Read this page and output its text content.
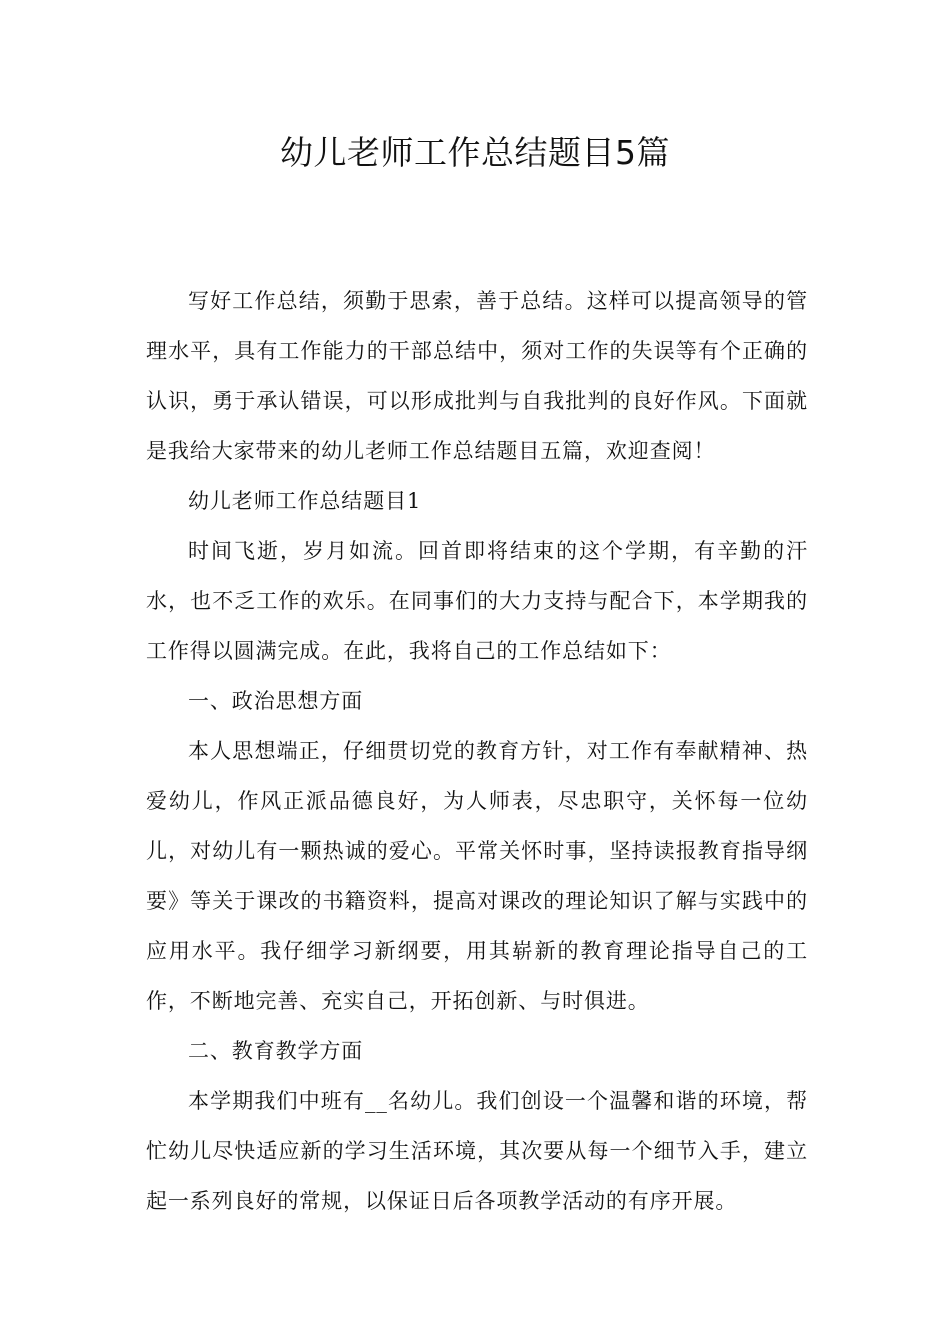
幼儿老师工作总结题目5篇

写好工作总结，须勤于思索，善于总结。这样可以提高领导的管理水平，具有工作能力的干部总结中，须对工作的失误等有个正确的认识，勇于承认错误，可以形成批判与自我批判的良好作风。下面就是我给大家带来的幼儿老师工作总结题目五篇，欢迎查阅！

幼儿老师工作总结题目1

时间飞逝，岁月如流。回首即将结束的这个学期，有辛勤的汗水，也不乏工作的欢乐。在同事们的大力支持与配合下，本学期我的工作得以圆满完成。在此，我将自己的工作总结如下：

一、政治思想方面

本人思想端正，仔细贯切党的教育方针，对工作有奉献精神、热爱幼儿，作风正派品德良好，为人师表，尽忠职守，关怀每一位幼儿，对幼儿有一颗热诚的爱心。平常关怀时事，坚持读报教育指导纲要》等关于课改的书籍资料，提高对课改的理论知识了解与实践中的应用水平。我仔细学习新纲要，用其崭新的教育理论指导自己的工作，不断地完善、充实自己，开拓创新、与时俱进。

二、教育教学方面

本学期我们中班有__名幼儿。我们创设一个温馨和谐的环境，帮忙幼儿尽快适应新的学习生活环境，其次要从每一个细节入手，建立起一系列良好的常规，以保证日后各项教学活动的有序开展。
